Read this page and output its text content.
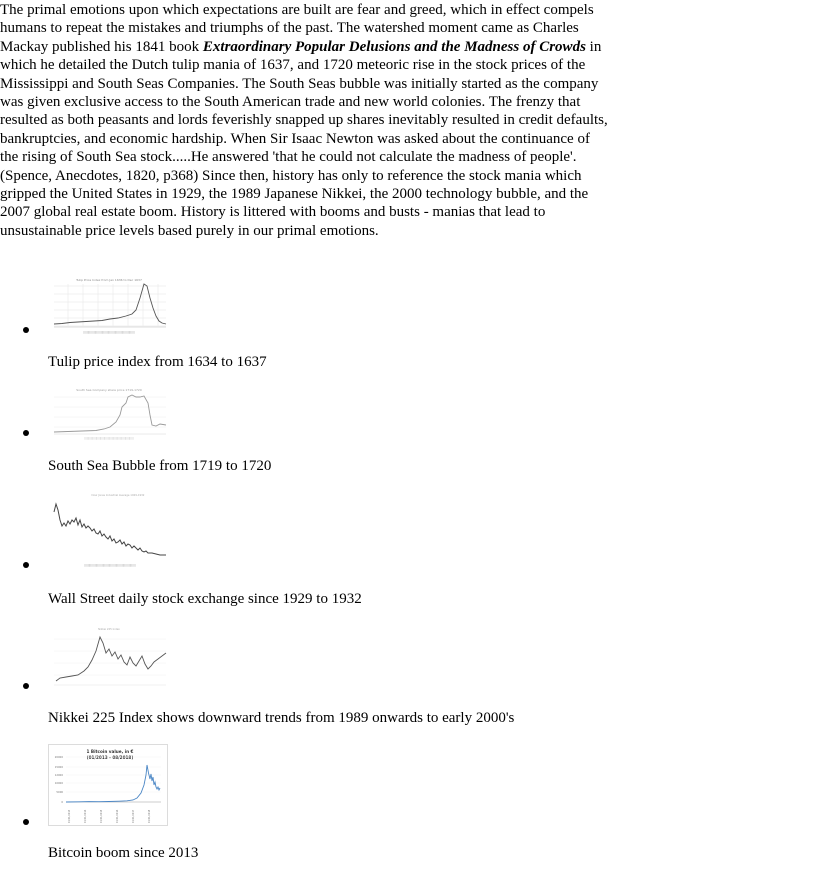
The primal emotions upon which expectations are built are fear and greed, which in effect compels humans to repeat the mistakes and triumphs of the past. The watershed moment came as Charles Mackay published his 1841 book Extraordinary Popular Delusions and the Madness of Crowds in which he detailed the Dutch tulip mania of 1637, and 1720 meteoric rise in the stock prices of the Mississippi and South Seas Companies. The South Seas bubble was initially started as the company was given exclusive access to the South American trade and new world colonies. The frenzy that resulted as both peasants and lords feverishly snapped up shares inevitably resulted in credit defaults, bankruptcies, and economic hardship. When Sir Isaac Newton was asked about the continuance of the rising of South Sea stock.....He answered 'that he could not calculate the madness of people'. (Spence, Anecdotes, 1820, p368) Since then, history has only to reference the stock mania which gripped the United States in 1929, the 1989 Japanese Nikkei, the 2000 technology bubble, and the 2007 global real estate boom. History is littered with booms and busts - manias that lead to unsustainable price levels based purely in our primal emotions.

Tulip Price Index from Jan 1636 to Dec 1637
|||||||||||||||||||||||||||||||||||||||||||||||||||||||||||
Tulip price index from 1634 to 1637
South Sea Company share price 1719-1720
|||||||||||||||||||||||||||||||||||||||||||||||||||||||||||||
South Sea Bubble from 1719 to 1720
Dow Jones Industrial Average 1929-1932
|||||||||||||||||||||||||||||||||||||||||||||||||||||||||||
Wall Street daily stock exchange since 1929 to 1932
Nikkei 225 Index
Nikkei 225 Index shows downward trends from 1989 onwards to early 2000's
1 Bitcoin value, in €
(01/2013 - 08/2018)
20000
15000
12000
10000
5000
0
01/01/2013	01/01/2014	01/01/2015	01/01/2016	01/01/2017	01/01/2018
Bitcoin boom since 2013
